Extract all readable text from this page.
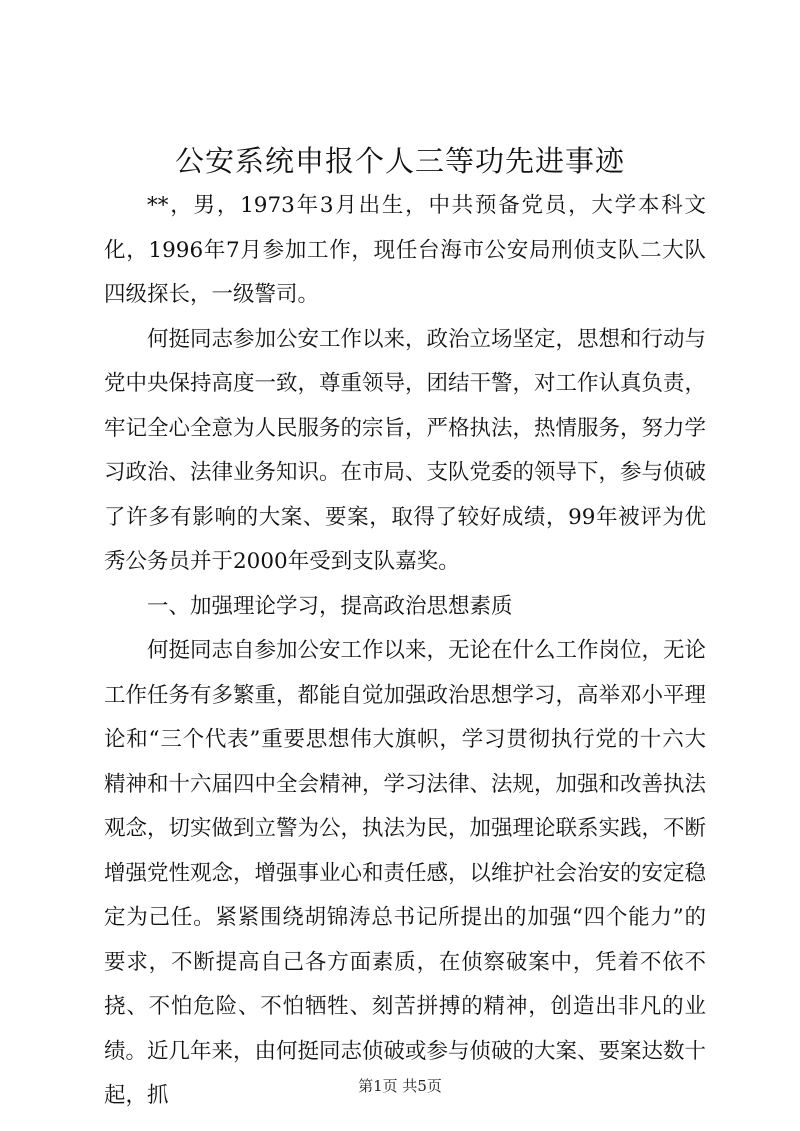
公安系统申报个人三等功先进事迹

**，男，1973年3月出生，中共预备党员，大学本科文化，1996年7月参加工作，现任台海市公安局刑侦支队二大队四级探长，一级警司。

何挺同志参加公安工作以来，政治立场坚定，思想和行动与党中央保持高度一致，尊重领导，团结干警，对工作认真负责，牢记全心全意为人民服务的宗旨，严格执法，热情服务，努力学习政治、法律业务知识。在市局、支队党委的领导下，参与侦破了许多有影响的大案、要案，取得了较好成绩，99年被评为优秀公务员并于2000年受到支队嘉奖。

一、加强理论学习，提高政治思想素质

何挺同志自参加公安工作以来，无论在什么工作岗位，无论工作任务有多繁重，都能自觉加强政治思想学习，高举邓小平理论和“三个代表”重要思想伟大旗帜，学习贯彻执行党的十六大精神和十六届四中全会精神，学习法律、法规，加强和改善执法观念，切实做到立警为公，执法为民，加强理论联系实践，不断增强党性观念，增强事业心和责任感，以维护社会治安的安定稳定为己任。紧紧围绕胡锦涛总书记所提出的加强“四个能力”的要求，不断提高自己各方面素质，在侦察破案中，凭着不依不挠、不怕危险、不怕牺牲、刻苦拼搏的精神，创造出非凡的业绩。近几年来，由何挺同志侦破或参与侦破的大案、要案达数十起，抓	第1页 共5页
